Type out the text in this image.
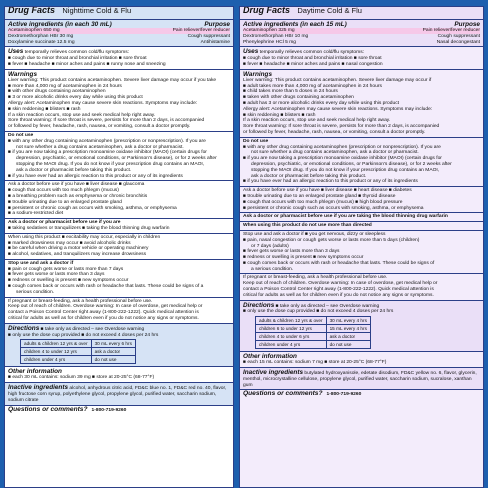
Drug Facts Nighttime Cold & Flu
Active ingredients (in each 30 mL)	Purpose
Acetaminophen 650 mg	Pain reliever/fever reducer
Dextromethorphan HBr 30 mg	Cough suppressant
Doxylamine succinate 12.5 mg	Antihistamine
Uses temporarily relieves common cold/flu symptoms:
■ cough due to minor throat and bronchial irritation ■ sore throat
■ fever ■ headache ■ minor aches and pains ■ runny nose and sneezing
Warnings
Liver warning: This product contains acetaminophen. Severe liver damage may occur if you take
■ more than 4,000 mg of acetaminophen in 24 hours
■ with other drugs containing acetaminophen
■ 3 or more alcoholic drinks every day while using this product
Allergy alert: Acetaminophen may cause severe skin reactions. Symptoms may include:
■ skin reddening ■ blisters ■ rash
If a skin reaction occurs, stop use and seek medical help right away.
Sore throat warning: If sore throat is severe, persists for more than 2 days, is accompanied
or followed by fever, headache, rash, nausea, or vomiting, consult a doctor promptly.
Do not use
■ with any other drug containing acetaminophen (prescription or nonprescription). If you are
not sure whether a drug contains acetaminophen, ask a doctor or pharmacist.
■ if you are now taking a prescription monoamine oxidase inhibitor (MAOI) (certain drugs for
depression, psychiatric, or emotional conditions, or Parkinson's disease), or for 2 weeks after
stopping the MAOI drug. If you do not know if your prescription drug contains an MAOI,
ask a doctor or pharmacist before taking this product.
■ if you have ever had an allergic reaction to this product or any of its ingredients
Ask a doctor before use if you have ■ liver disease ■ glaucoma
■ cough that occurs with too much phlegm (mucus)
■ a breathing problem such as emphysema or chronic bronchitis
■ trouble urinating due to an enlarged prostate gland
■ persistent or chronic cough as occurs with smoking, asthma, or emphysema
■ a sodium-restricted diet
Ask a doctor or pharmacist before use if you are
■ taking sedatives or tranquilizers ■ taking the blood thinning drug warfarin
When using this product ■ excitability may occur, especially in children
■ marked drowsiness may occur ■ avoid alcoholic drinks
■ be careful when driving a motor vehicle or operating machinery
■ alcohol, sedatives, and tranquilizers may increase drowsiness
Stop use and ask a doctor if
■ pain or cough gets worse or lasts more than 7 days
■ fever gets worse or lasts more than 3 days
■ redness or swelling is present ■ new symptoms occur
■ cough comes back or occurs with rash or headache that lasts. These could be signs of a
serious condition.
If pregnant or breast-feeding, ask a health professional before use.
Keep out of reach of children. Overdose warning: In case of overdose, get medical help or
contact a Poison Control Center right away (1-800-222-1222). Quick medical attention is
critical for adults as well as for children even if you do not notice any signs or symptoms.
Directions ■ take only as directed – see Overdose warning
■ only use the dose cup provided ■ do not exceed 4 doses per 24 hrs
adults & children 12 yrs & over	30 mL every 6 hrs
children 4 to under 12 yrs	ask a doctor
children under 4 yrs	do not use
Other information
■ each 30 mL contains: sodium 39 mg ■ store at 20-25°C (68-77°F)
Inactive ingredients alcohol, anhydrous citric acid, FD&C blue no. 1, FD&C red no. 40, flavor, high fructose corn syrup, polyethylene glycol, propylene glycol, purified water, saccharin sodium, sodium citrate
Questions or comments? 1-800-719-9260
Drug Facts Daytime Cold & Flu
Active ingredients (in each 15 mL)	Purpose
Acetaminophen 325 mg	Pain reliever/fever reducer
Dextromethorphan HBr 10 mg	Cough suppressant
Phenylephrine HCl 5 mg	Nasal decongestant
Uses temporarily relieves common cold/flu symptoms:
■ cough due to minor throat and bronchial irritation ■ sore throat
■ fever ■ headache ■ minor aches and pains ■ nasal congestion
Warnings
Liver warning: This product contains acetaminophen. Severe liver damage may occur if
■ adult takes more than 4,000 mg of acetaminophen in 24 hours
■ child takes more than 5 doses in 24 hours
■ taken with other drugs containing acetaminophen
■ adult has 3 or more alcoholic drinks every day while using this product
Allergy alert: Acetaminophen may cause severe skin reactions. Symptoms may include:
■ skin reddening ■ blisters ■ rash
If a skin reaction occurs, stop use and seek medical help right away.
Sore throat warning: If sore throat is severe, persists for more than 2 days, is accompanied
or followed by fever, headache, rash, nausea, or vomiting, consult a doctor promptly.
Do not use
■ with any other drug containing acetaminophen (prescription or nonprescription). If you are
not sure whether a drug contains acetaminophen, ask a doctor or pharmacist.
■ if you are now taking a prescription monoamine oxidase inhibitor (MAOI) (certain drugs for
depression, psychiatric, or emotional conditions, or Parkinson's disease), or for 2 weeks after
stopping the MAOI drug. If you do not know if your prescription drug contains an MAOI,
ask a doctor or pharmacist before taking this product.
■ if you have ever had an allergic reaction to this product or any of its ingredients
Ask a doctor before use if you have ■ liver disease ■ heart disease ■ diabetes
■ trouble urinating due to an enlarged prostate gland ■ thyroid disease
■ cough that occurs with too much phlegm (mucus) ■ high blood pressure
■ persistent or chronic cough such as occurs with smoking, asthma, or emphysema
Ask a doctor or pharmacist before use if you are taking the blood thinning drug warfarin
When using this product do not use more than directed
Stop use and ask a doctor if ■ you get nervous, dizzy or sleepless
■ pain, nasal congestion or cough gets worse or lasts more than 5 days (children)
or 7 days (adults)
■ fever gets worse or lasts more than 3 days
■ redness or swelling is present ■ new symptoms occur
■ cough comes back or occurs with rash or headache that lasts. These could be signs of
a serious condition.
If pregnant or breast-feeding, ask a health professional before use.
Keep out of reach of children. Overdose warning: In case of overdose, get medical help or
contact a Poison Control Center right away (1-800-222-1222). Quick medical attention is
critical for adults as well as for children even if you do not notice any signs or symptoms.
Directions ■ take only as directed – see Overdose warning
■ only use the dose cup provided ■ do not exceed 4 doses per 24 hrs
adults & children 12 yrs & over	30 mL every 4 hrs
children 6 to under 12 yrs	15 mL every 4 hrs
children 4 to under 6 yrs	ask a doctor
children under 4 yrs	do not use
Other information
■ each 15 mL contains: sodium 7 mg ■ store at 20-25°C (68-77°F)
Inactive ingredients butylated hydroxyanisole, edetate disodium, FD&C yellow no. 6, flavor, glycerin, menthol, microcrystalline cellulose, propylene glycol, purified water, saccharin sodium, sucralose, xanthan gum
Questions or comments? 1-800-719-9260
